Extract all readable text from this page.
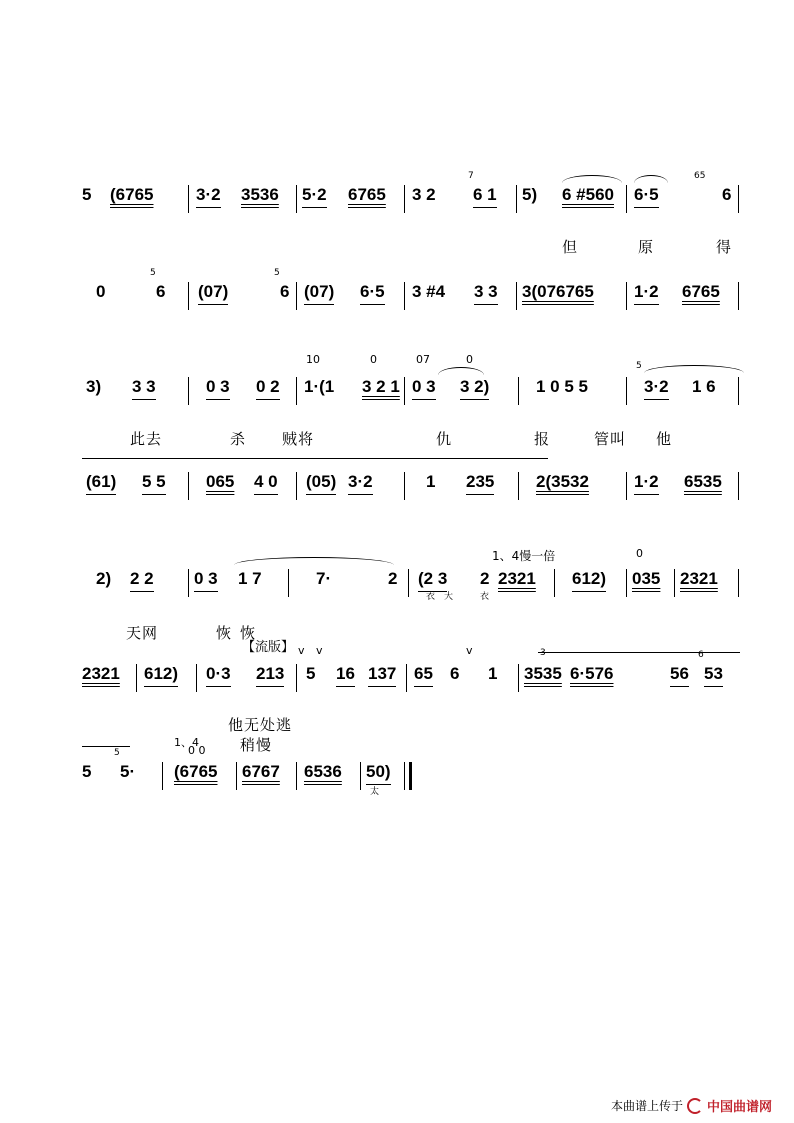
5 (6765	3·2 3536 5·2 6765 3 2
7
6 1 5) 6 #560 6·5
65
6
但	原	得
0
5
6 (07)
5
6 (07) 6·5 3 #4 3 3 3(076765 1·2 6765
3) 3 3	0 3 0 2
10
1·(1
0
3 2 1
07
0 3
0
3 2)	1 0 5 5
5
3·2 1 6
此去	杀 贼将	仇	报	管叫 他
(61) 5 5 065 4 0 (05) 3·2	1 235 2(3532	1·2 6535
2) 2 2 0 3 1 7	7·	2 (2 3 2
衣 大	衣
1、4慢一倍
2321 612)
0
035 2321
天网	恢 恢
2321 612) 0·3
【流版】
213
v v
5 16 137 65 6
v
1
3
3535 6·576	56
6
53
他无处逃
5
5
5·
1、4
0 0 稍慢
(6765 6767 6536 50)
太
本曲谱上传于 中国曲谱网
